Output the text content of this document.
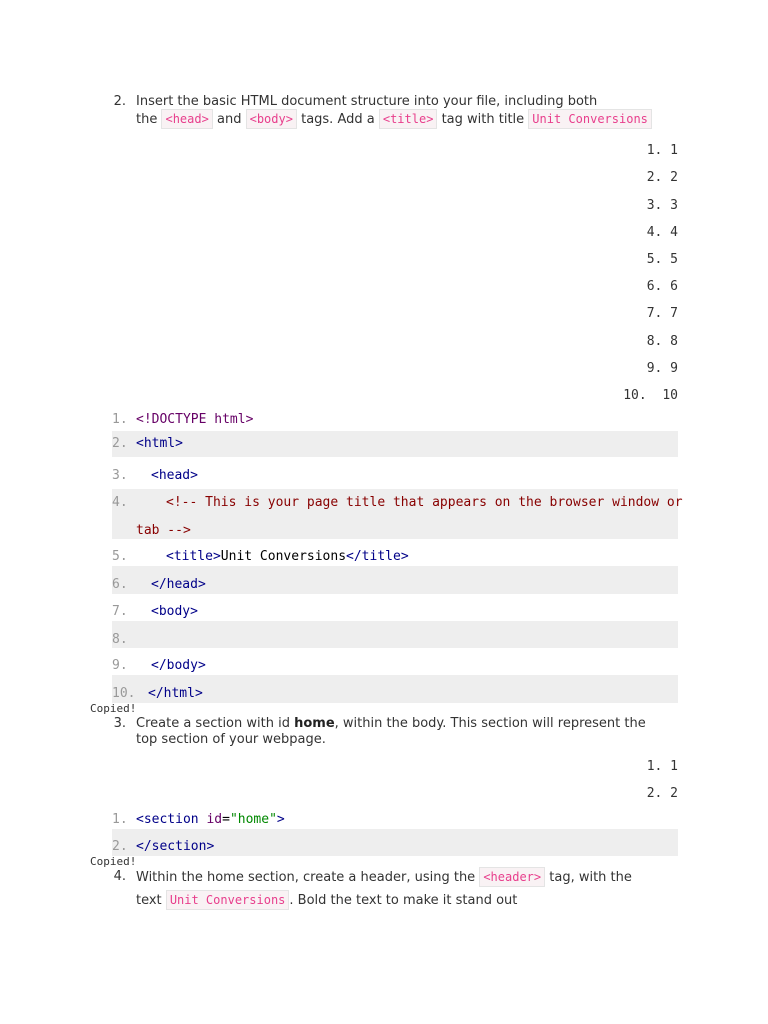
2. Insert the basic HTML document structure into your file, including both
the <head> and <body> tags. Add a <title> tag with title Unit Conversions
1. 1
2. 2
3. 3
4. 4
5. 5
6. 6
7. 7
8. 8
9. 9
10.  10
1. <!DOCTYPE html>
2. <html>
3. <head>
4.	<!-- This is your page title that appears on the browser window or
tab -->
5.	<title>Unit Conversions</title>
6. </head>
7. <body>
8.
9. </body>
10. </html>
Copied!
3. Create a section with id home, within the body. This section will represent the
top section of your webpage.
1. 1
2. 2
1. <section id="home">
2. </section>
Copied!
4. Within the home section, create a header, using the <header> tag, with the
text Unit Conversions . Bold the text to make it stand out
